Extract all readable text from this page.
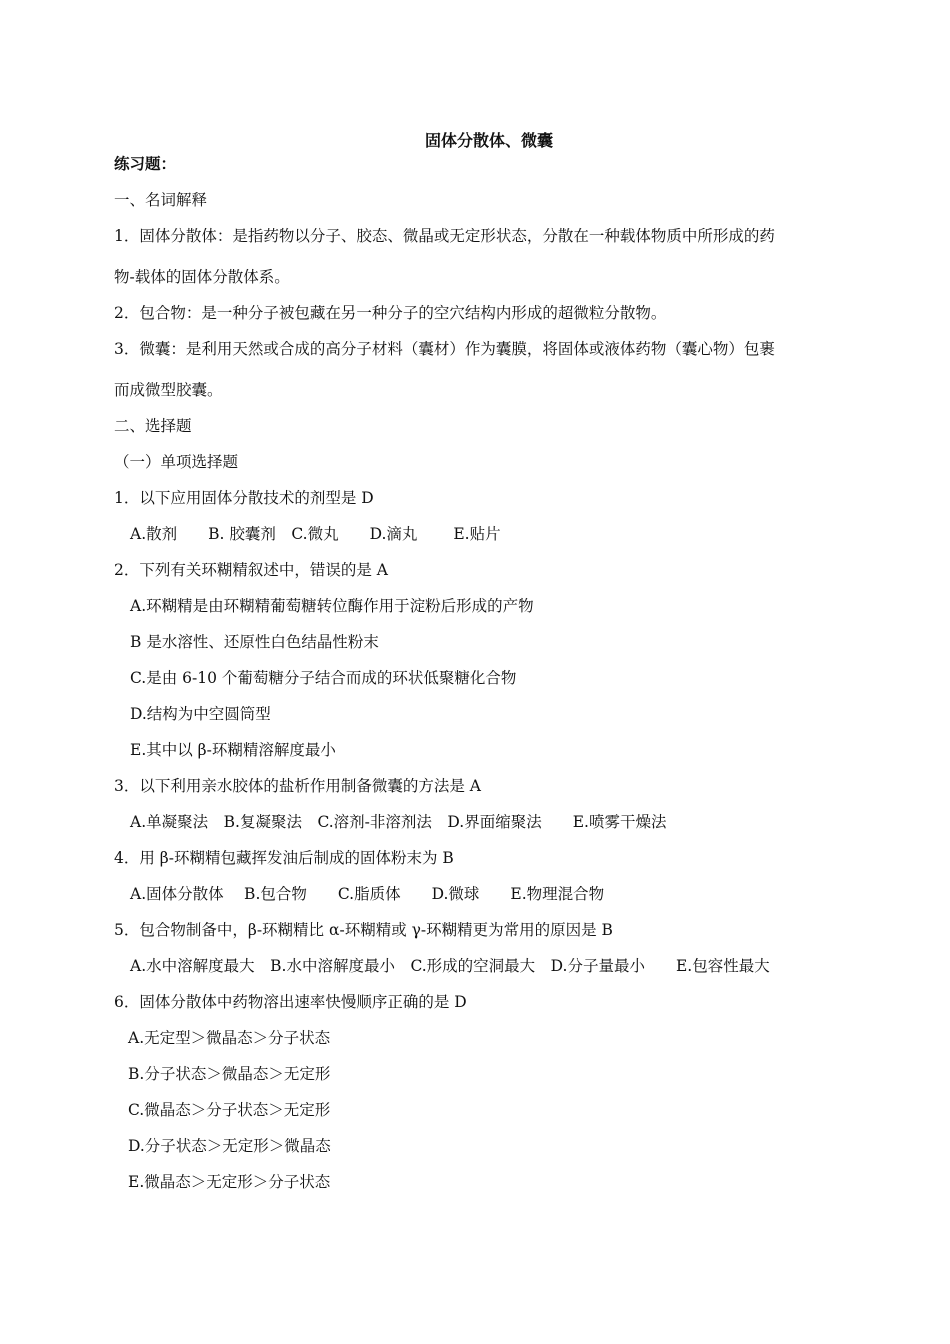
固体分散体、微囊
练习题：
一、名词解释
1．固体分散体：是指药物以分子、胶态、微晶或无定形状态，分散在一种载体物质中所形成的药
物-载体的固体分散体系。
2．包合物：是一种分子被包藏在另一种分子的空穴结构内形成的超微粒分散物。
3．微囊：是利用天然或合成的高分子材料（囊材）作为囊膜，将固体或液体药物（囊心物）包裹
而成微型胶囊。
二、选择题
（一）单项选择题
1．以下应用固体分散技术的剂型是 D
A.散剂　　B. 胶囊剂　C.微丸　　D.滴丸　　 E.贴片
2．下列有关环糊精叙述中，错误的是 A
A.环糊精是由环糊精葡萄糖转位酶作用于淀粉后形成的产物
B 是水溶性、还原性白色结晶性粉末
C.是由 6-10 个葡萄糖分子结合而成的环状低聚糖化合物
D.结构为中空圆筒型
E.其中以 β-环糊精溶解度最小
3．以下利用亲水胶体的盐析作用制备微囊的方法是 A
A.单凝聚法　B.复凝聚法　C.溶剂-非溶剂法　D.界面缩聚法　　E.喷雾干燥法
4．用 β-环糊精包藏挥发油后制成的固体粉末为 B
A.固体分散体　 B.包合物　　C.脂质体　　D.微球　　E.物理混合物
5．包合物制备中，β-环糊精比 α-环糊精或 γ-环糊精更为常用的原因是 B
A.水中溶解度最大　B.水中溶解度最小　C.形成的空洞最大　D.分子量最小　　E.包容性最大
6．固体分散体中药物溶出速率快慢顺序正确的是 D
A.无定型＞微晶态＞分子状态
B.分子状态＞微晶态＞无定形
C.微晶态＞分子状态＞无定形
D.分子状态＞无定形＞微晶态
E.微晶态＞无定形＞分子状态
